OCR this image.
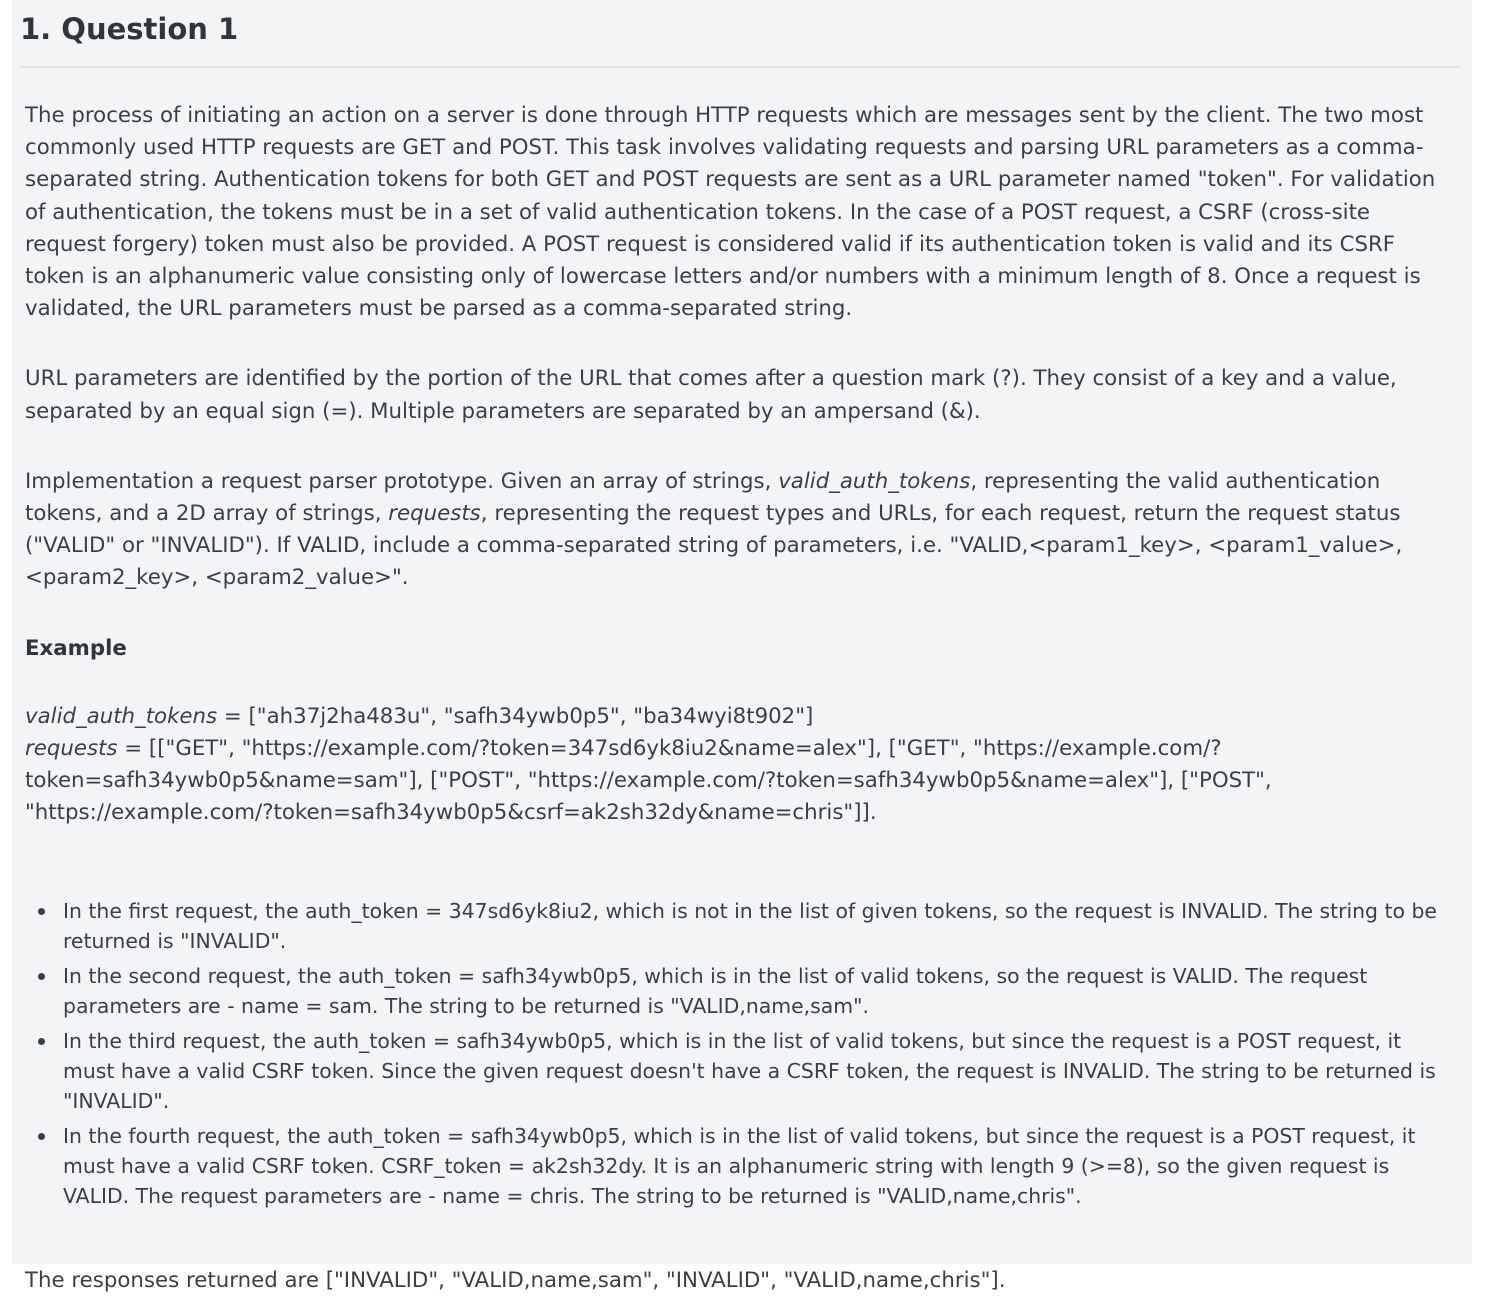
1. Question 1

The process of initiating an action on a server is done through HTTP requests which are messages sent by the client. The two most commonly used HTTP requests are GET and POST. This task involves validating requests and parsing URL parameters as a comma-separated string. Authentication tokens for both GET and POST requests are sent as a URL parameter named "token". For validation of authentication, the tokens must be in a set of valid authentication tokens. In the case of a POST request, a CSRF (cross-site request forgery) token must also be provided. A POST request is considered valid if its authentication token is valid and its CSRF token is an alphanumeric value consisting only of lowercase letters and/or numbers with a minimum length of 8. Once a request is validated, the URL parameters must be parsed as a comma-separated string.

URL parameters are identified by the portion of the URL that comes after a question mark (?). They consist of a key and a value, separated by an equal sign (=). Multiple parameters are separated by an ampersand (&).

Implementation a request parser prototype. Given an array of strings, valid_auth_tokens, representing the valid authentication tokens, and a 2D array of strings, requests, representing the request types and URLs, for each request, return the request status ("VALID" or "INVALID"). If VALID, include a comma-separated string of parameters, i.e. "VALID,<param1_key>, <param1_value>, <param2_key>, <param2_value>".

Example

valid_auth_tokens = ["ah37j2ha483u", "safh34ywb0p5", "ba34wyi8t902"]

requests = [["GET", "https://example.com/?token=347sd6yk8iu2&name=alex"], ["GET", "https://example.com/?token=safh34ywb0p5&name=sam"], ["POST", "https://example.com/?token=safh34ywb0p5&name=alex"], ["POST", "https://example.com/?token=safh34ywb0p5&csrf=ak2sh32dy&name=chris"]].

In the first request, the auth_token = 347sd6yk8iu2, which is not in the list of given tokens, so the request is INVALID. The string to be returned is "INVALID".
In the second request, the auth_token = safh34ywb0p5, which is in the list of valid tokens, so the request is VALID. The request parameters are - name = sam. The string to be returned is "VALID,name,sam".
In the third request, the auth_token = safh34ywb0p5, which is in the list of valid tokens, but since the request is a POST request, it must have a valid CSRF token. Since the given request doesn't have a CSRF token, the request is INVALID. The string to be returned is "INVALID".
In the fourth request, the auth_token = safh34ywb0p5, which is in the list of valid tokens, but since the request is a POST request, it must have a valid CSRF token. CSRF_token = ak2sh32dy. It is an alphanumeric string with length 9 (>=8), so the given request is VALID. The request parameters are - name = chris. The string to be returned is "VALID,name,chris".

The responses returned are ["INVALID", "VALID,name,sam", "INVALID", "VALID,name,chris"].
